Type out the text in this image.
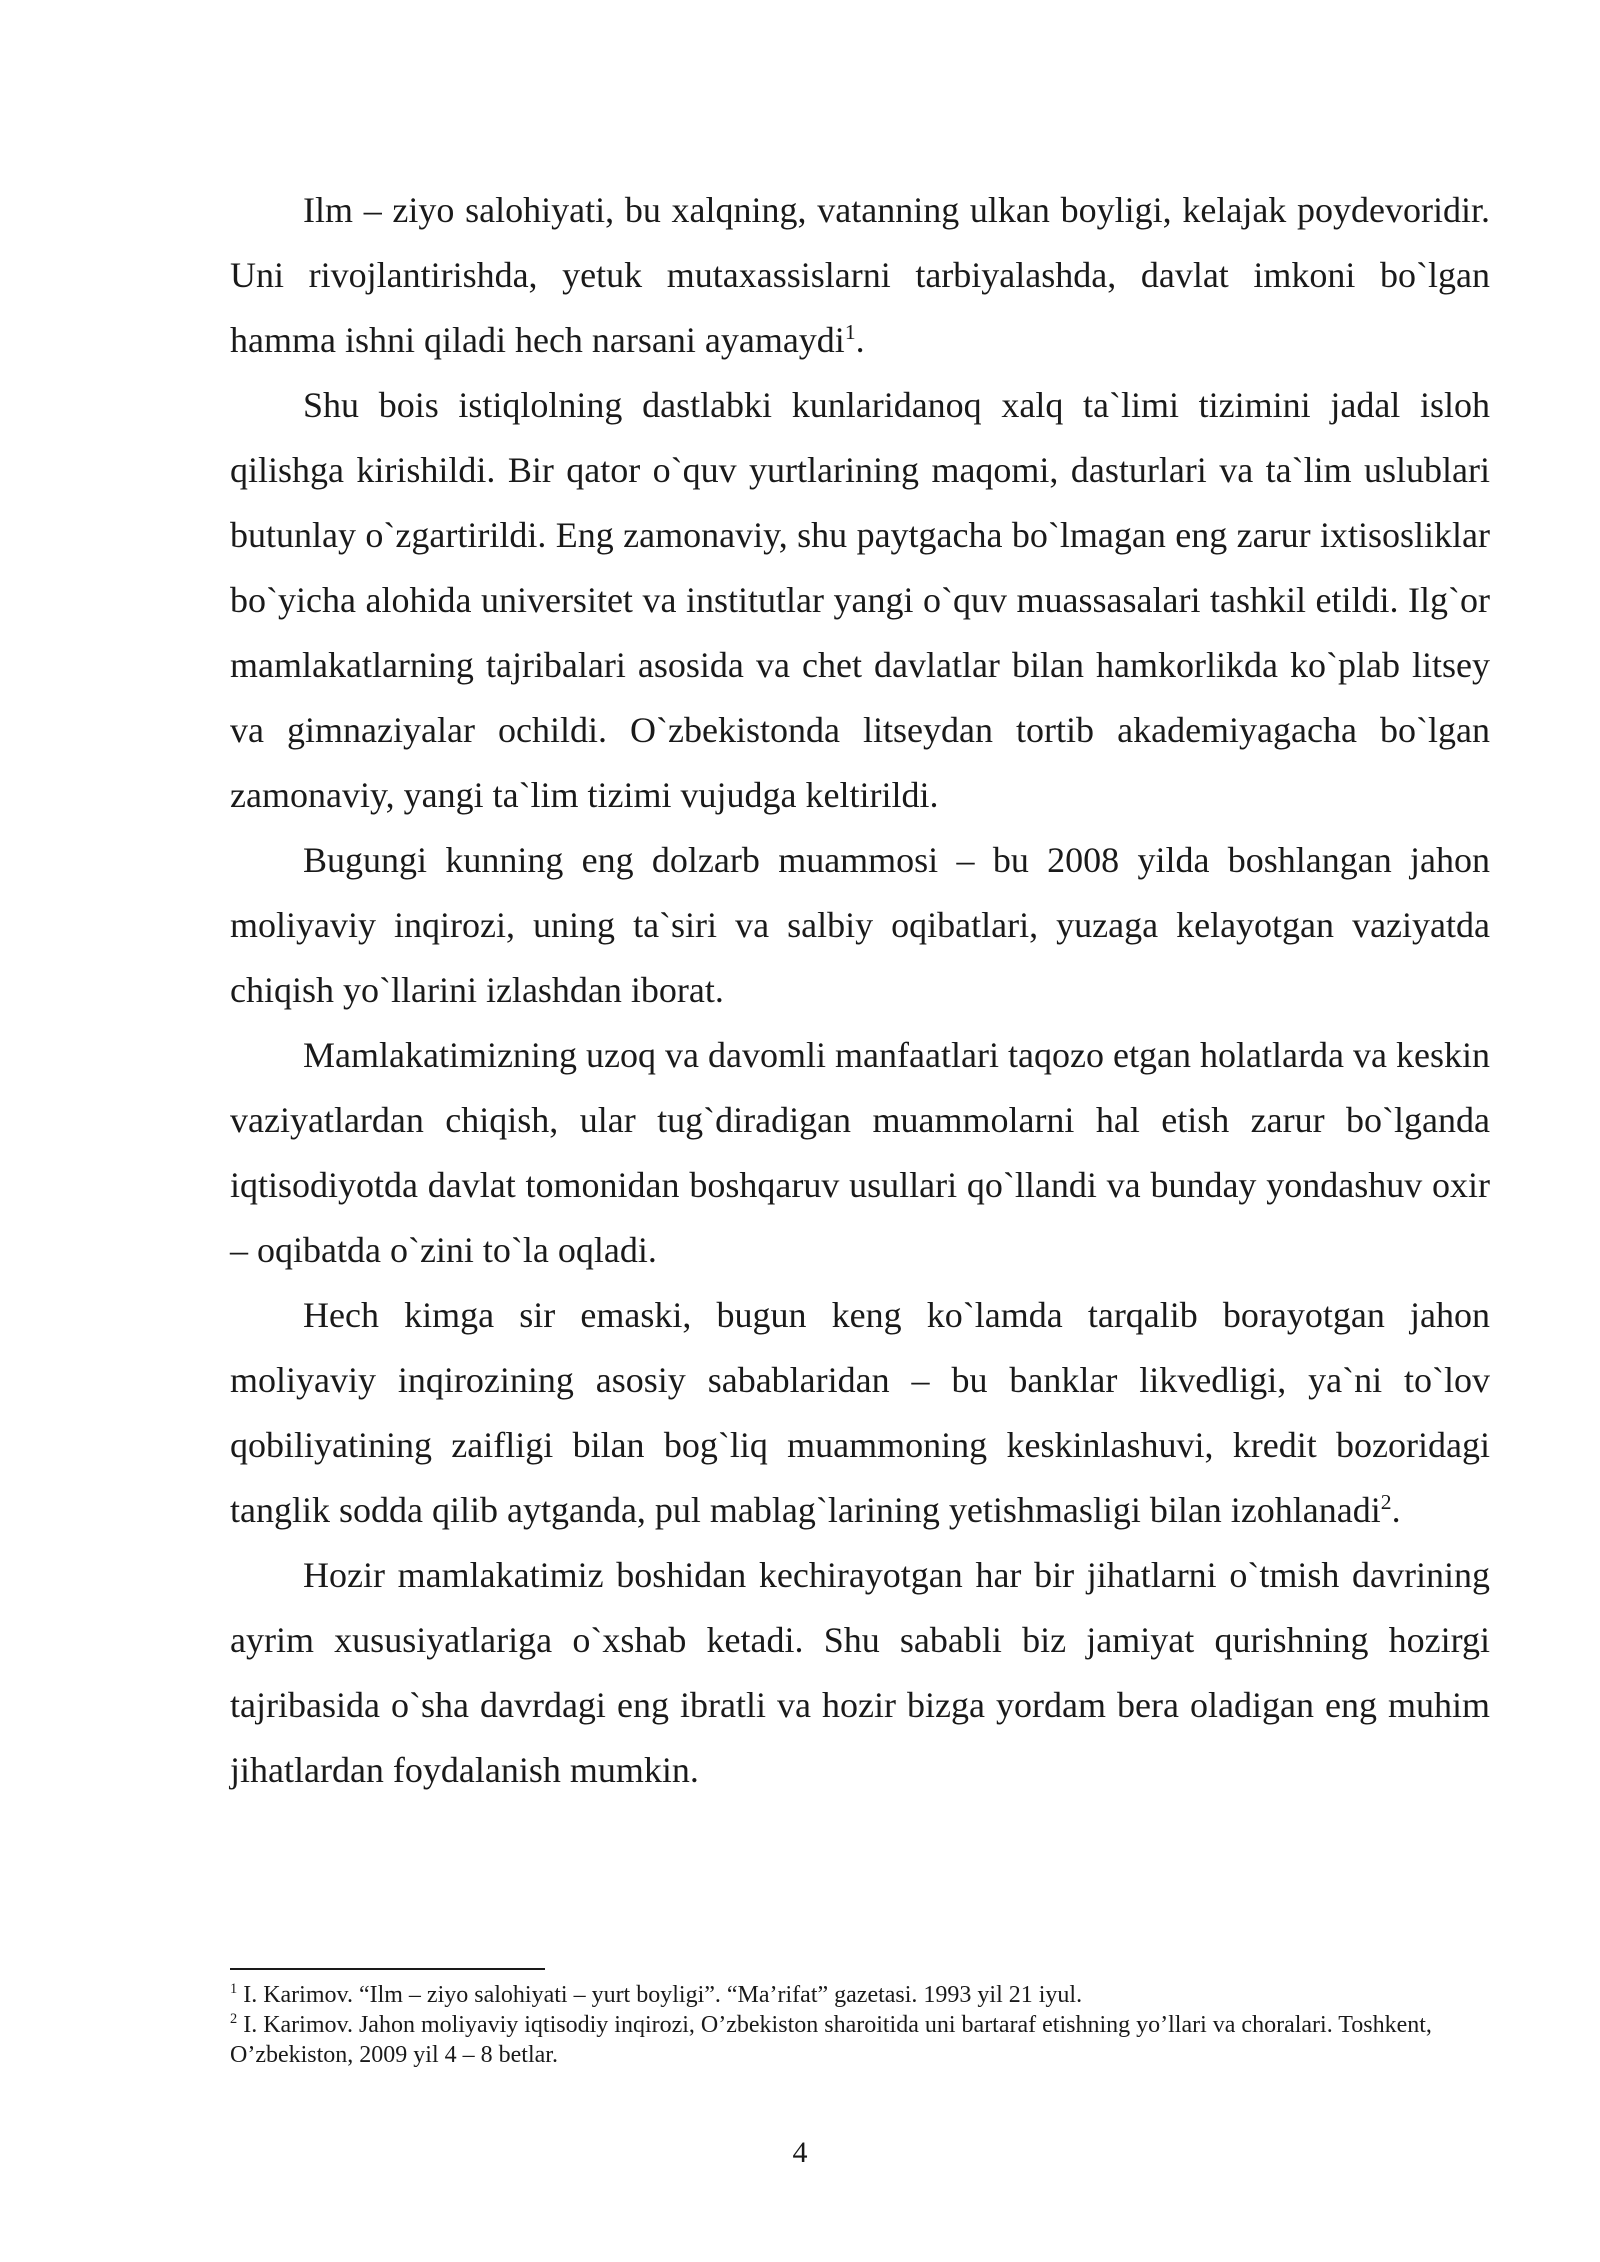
Ilm – ziyo salohiyati, bu xalqning, vatanning ulkan boyligi, kelajak poydevoridir. Uni rivojlantirishda, yetuk mutaxassislarni tarbiyalashda, davlat imkoni bo`lgan hamma ishni qiladi hech narsani ayamaydi$^1$.

Shu bois istiqlolning dastlabki kunlaridanoq xalq ta`limi tizimini jadal isloh qilishga kirishildi. Bir qator o`quv yurtlarining maqomi, dasturlari va ta`lim uslublari butunlay o`zgartirildi. Eng zamonaviy, shu paytgacha bo`lmagan eng zarur ixtisosliklar bo`yicha alohida universitet va institutlar yangi o`quv muassasalari tashkil etildi. Ilg`or mamlakatlarning tajribalari asosida va chet davlatlar bilan hamkorlikda ko`plab litsey va gimnaziyalar ochildi. O`zbekistonda litseydan tortib akademiyagacha bo`lgan zamonaviy, yangi ta`lim tizimi vujudga keltirildi.

Bugungi kunning eng dolzarb muammosi – bu 2008 yilda boshlangan jahon moliyaviy inqirozi, uning ta`siri va salbiy oqibatlari, yuzaga kelayotgan vaziyatda chiqish yo`llarini izlashdan iborat.

Mamlakatimizning uzoq va davomli manfaatlari taqozo etgan holatlarda va keskin vaziyatlardan chiqish, ular tug`diradigan muammolarni hal etish zarur bo`lganda iqtisodiyotda davlat tomonidan boshqaruv usullari qo`llandi va bunday yondashuv oxir – oqibatda o`zini to`la oqladi.

Hech kimga sir emaski, bugun keng ko`lamda tarqalib borayotgan jahon moliyaviy inqirozining asosiy sabablaridan – bu banklar likvedligi, ya`ni to`lov qobiliyatining zaifligi bilan bog`liq muammoning keskinlashuvi, kredit bozoridagi tanglik sodda qilib aytganda, pul mablag`larining yetishmasligi bilan izohlanadi$^2$.

Hozir mamlakatimiz boshidan kechirayotgan har bir jihatlarni o`tmish davrining ayrim xususiyatlariga o`xshab ketadi. Shu sababli biz jamiyat qurishning hozirgi tajribasida o`sha davrdagi eng ibratli va hozir bizga yordam bera oladigan eng muhim jihatlardan foydalanish mumkin.

$^1$ I. Karimov. “Ilm – ziyo salohiyati – yurt boyligi”. “Ma’rifat” gazetasi. 1993 yil 21 iyul.

$^2$ I. Karimov. Jahon moliyaviy iqtisodiy inqirozi, O’zbekiston sharoitida uni bartaraf etishning yo’llari va choralari. Toshkent, O’zbekiston, 2009 yil 4 – 8 betlar.

4
